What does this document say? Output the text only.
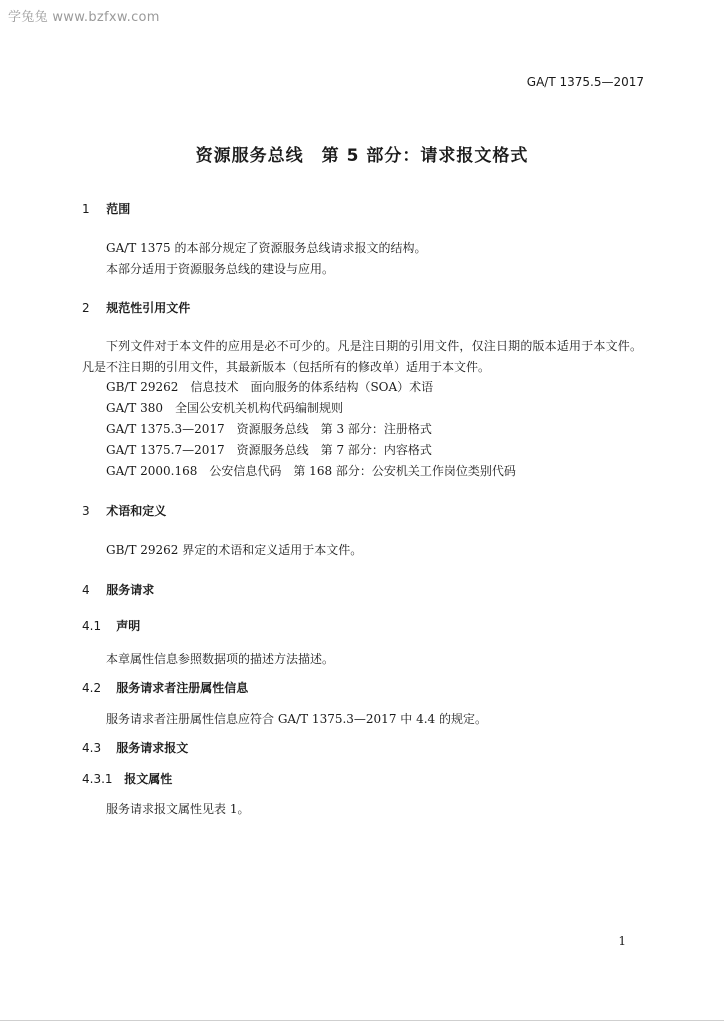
学兔兔 www.bzfxw.com
GA/T 1375.5—2017
资源服务总线　第 5 部分：请求报文格式
1 范围
GA/T 1375 的本部分规定了资源服务总线请求报文的结构。
本部分适用于资源服务总线的建设与应用。
2 规范性引用文件
下列文件对于本文件的应用是必不可少的。凡是注日期的引用文件，仅注日期的版本适用于本文件。凡是不注日期的引用文件，其最新版本（包括所有的修改单）适用于本文件。
GB/T 29262　信息技术　面向服务的体系结构（SOA）术语
GA/T 380　全国公安机关机构代码编制规则
GA/T 1375.3—2017　资源服务总线　第 3 部分：注册格式
GA/T 1375.7—2017　资源服务总线　第 7 部分：内容格式
GA/T 2000.168　公安信息代码　第 168 部分：公安机关工作岗位类别代码
3 术语和定义
GB/T 29262 界定的术语和定义适用于本文件。
4 服务请求
4.1 声明
本章属性信息参照数据项的描述方法描述。
4.2 服务请求者注册属性信息
服务请求者注册属性信息应符合 GA/T 1375.3—2017 中 4.4 的规定。
4.3 服务请求报文
4.3.1 报文属性
服务请求报文属性见表 1。
1
